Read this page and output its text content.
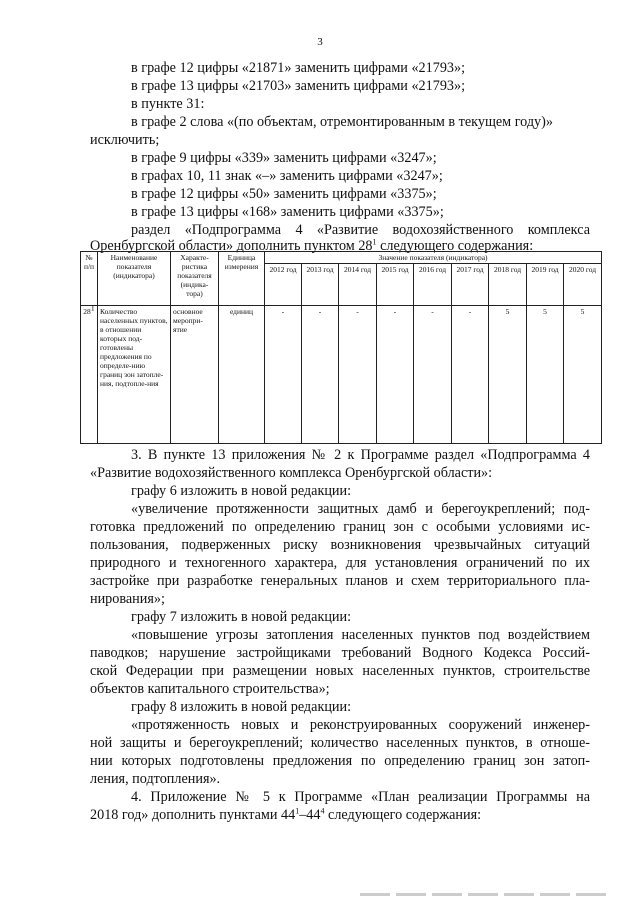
3
в графе 12 цифры «21871» заменить цифрами «21793»;
в графе 13 цифры «21703» заменить цифрами «21793»;
в пункте 31:
в графе 2 слова «(по объектам, отремонтированным в текущем году)»
исключить;
в графе 9 цифры «339» заменить цифрами «3247»;
в графах 10, 11 знак «–» заменить цифрами «3247»;
в графе 12 цифры «50» заменить цифрами «3375»;
в графе 13 цифры «168» заменить цифрами «3375»;
раздел «Подпрограмма 4 «Развитие водохозяйственного комплекса
Оренбургской области» дополнить пунктом $28^1$ следующего содержания:
№ п/п	Наименование показателя (индикатора)	Характе-ристика показателя (индика-тора)	Единица измерения	Значение показателя (индикатора)								
				2012 год	2013 год	2014 год	2015 год	2016 год	2017 год	2018 год	2019 год	2020 год
$28^1$	Количество населенных пунктов, в отношении которых под-готовлены предложения по определе-нию границ зон затопле-ния, подтопле-ния	основное меропри-ятие	единиц	-	-	-	-	-	-	5	5	5
3. В пункте 13 приложения № 2 к Программе раздел «Подпрограмма 4
«Развитие водохозяйственного комплекса Оренбургской области»:
графу 6 изложить в новой редакции:
«увеличение протяженности защитных дамб и берегоукреплений; под-
готовка предложений по определению границ зон с особыми условиями ис-
пользования, подверженных риску возникновения чрезвычайных ситуаций
природного и техногенного характера, для установления ограничений по их
застройке при разработке генеральных планов и схем территориального пла-
нирования»;
графу 7 изложить в новой редакции:
«повышение угрозы затопления населенных пунктов под воздействием
паводков; нарушение застройщиками требований Водного Кодекса Россий-
ской Федерации при размещении новых населенных пунктов, строительстве
объектов капитального строительства»;
графу 8 изложить в новой редакции:
«протяженность новых и реконструированных сооружений инженер-
ной защиты и берегоукреплений; количество населенных пунктов, в отноше-
нии которых подготовлены предложения по определению границ зон затоп-
ления, подтопления».
4. Приложение № 5 к Программе «План реализации Программы на
2018 год» дополнить пунктами $44^1-44^4$ следующего содержания:
